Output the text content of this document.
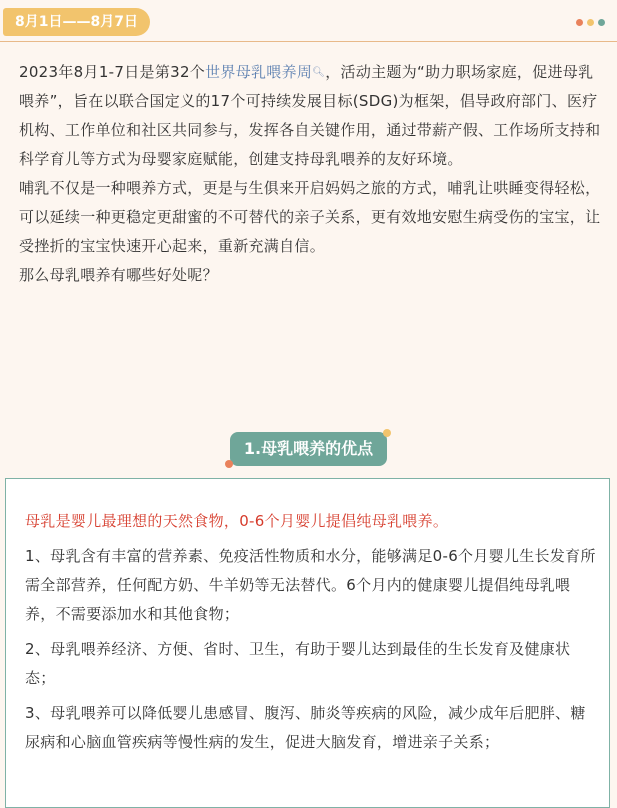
8月1日——8月7日

2023年8月1-7日是第32个世界母乳喂养周🔍︎，活动主题为“助力职场家庭，促进母乳喂养”，旨在以联合国定义的17个可持续发展目标(SDG)为框架，倡导政府部门、医疗机构、工作单位和社区共同参与，发挥各自关键作用，通过带薪产假、工作场所支持和科学育儿等方式为母婴家庭赋能，创建支持母乳喂养的友好环境。

哺乳不仅是一种喂养方式，更是与生俱来开启妈妈之旅的方式，哺乳让哄睡变得轻松，可以延续一种更稳定更甜蜜的不可替代的亲子关系，更有效地安慰生病受伤的宝宝，让受挫折的宝宝快速开心起来，重新充满自信。

那么母乳喂养有哪些好处呢？

1.母乳喂养的优点

母乳是婴儿最理想的天然食物，0-6个月婴儿提倡纯母乳喂养。

1、母乳含有丰富的营养素、免疫活性物质和水分，能够满足0-6个月婴儿生长发育所需全部营养，任何配方奶、牛羊奶等无法替代。6个月内的健康婴儿提倡纯母乳喂养，不需要添加水和其他食物；

2、母乳喂养经济、方便、省时、卫生，有助于婴儿达到最佳的生长发育及健康状态；

3、母乳喂养可以降低婴儿患感冒、腹泻、肺炎等疾病的风险，减少成年后肥胖、糖尿病和心脑血管疾病等慢性病的发生，促进大脑发育，增进亲子关系；
